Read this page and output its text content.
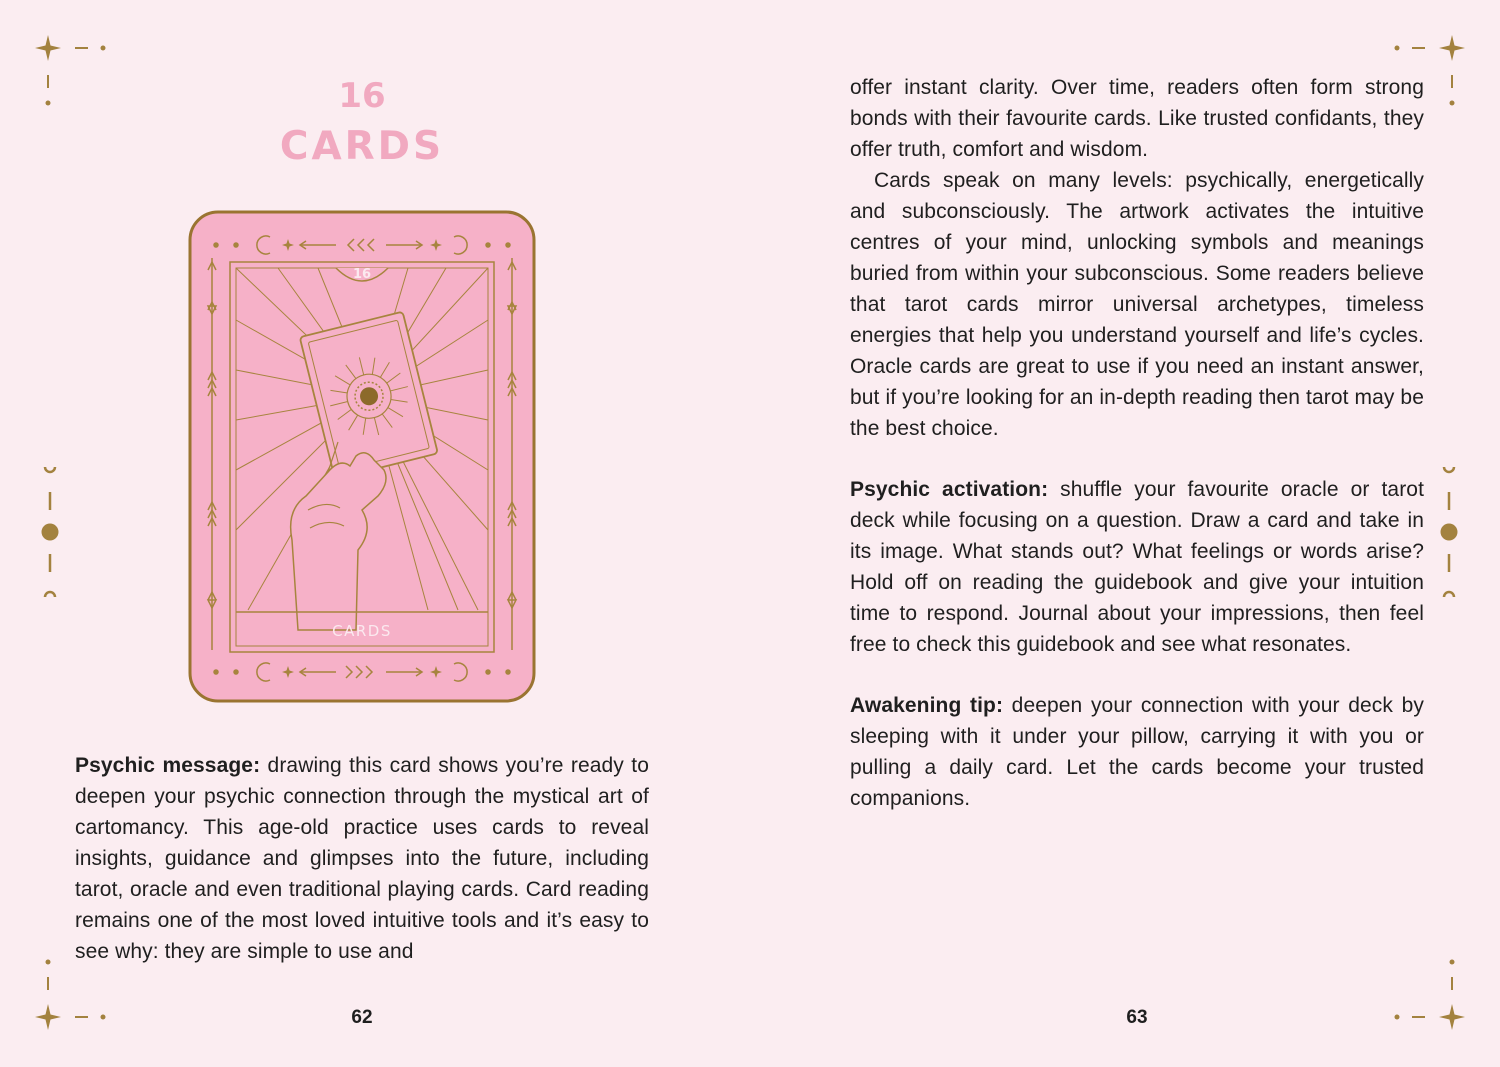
16
CARDS
16
CARDS

Psychic message: drawing this card shows you’re ready to deepen your psychic connection through the mystical art of cartomancy. This age-old practice uses cards to reveal insights, guidance and glimpses into the future, including tarot, oracle and even traditional playing cards. Card reading remains one of the most loved intuitive tools and it’s easy to see why: they are simple to use and

62

offer instant clarity. Over time, readers often form strong bonds with their favourite cards. Like trusted confidants, they offer truth, comfort and wisdom.

Cards speak on many levels: psychically, energetically and subconsciously. The artwork activates the intuitive centres of your mind, unlocking symbols and meanings buried from within your subconscious. Some readers believe that tarot cards mirror universal archetypes, timeless energies that help you understand yourself and life’s cycles. Oracle cards are great to use if you need an instant answer, but if you’re looking for an in-depth reading then tarot may be the best choice.

Psychic activation: shuffle your favourite oracle or tarot deck while focusing on a question. Draw a card and take in its image. What stands out? What feelings or words arise? Hold off on reading the guidebook and give your intuition time to respond. Journal about your impressions, then feel free to check this guidebook and see what resonates.

Awakening tip: deepen your connection with your deck by sleeping with it under your pillow, carrying it with you or pulling a daily card. Let the cards become your trusted companions.

63
